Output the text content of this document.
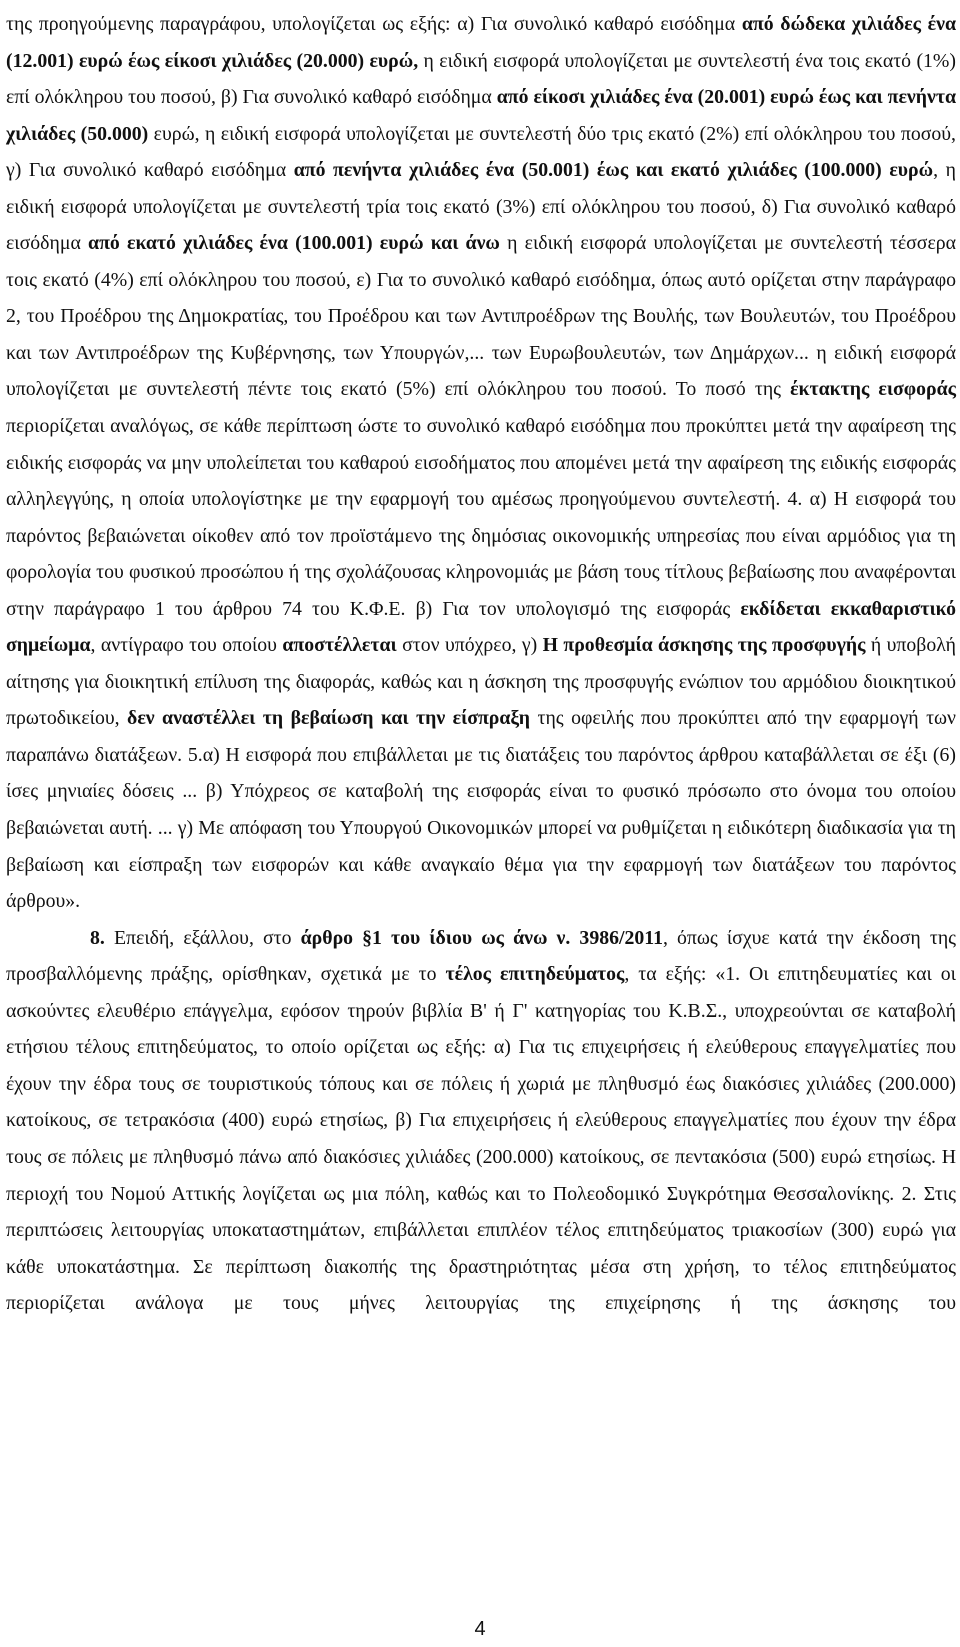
της προηγούμενης παραγράφου, υπολογίζεται ως εξής: α) Για συνολικό καθαρό εισόδημα από δώδεκα χιλιάδες ένα (12.001) ευρώ έως είκοσι χιλιάδες (20.000) ευρώ, η ειδική εισφορά υπολογίζεται με συντελεστή ένα τοις εκατό (1%) επί ολόκληρου του ποσού, β) Για συνολικό καθαρό εισόδημα από είκοσι χιλιάδες ένα (20.001) ευρώ έως και πενήντα χιλιάδες (50.000) ευρώ, η ειδική εισφορά υπολογίζεται με συντελεστή δύο τρις εκατό (2%) επί ολόκληρου του ποσού, γ) Για συνολικό καθαρό εισόδημα από πενήντα χιλιάδες ένα (50.001) έως και εκατό χιλιάδες (100.000) ευρώ, η ειδική εισφορά υπολογίζεται με συντελεστή τρία τοις εκατό (3%) επί ολόκληρου του ποσού, δ) Για συνολικό καθαρό εισόδημα από εκατό χιλιάδες ένα (100.001) ευρώ και άνω η ειδική εισφορά υπολογίζεται με συντελεστή τέσσερα τοις εκατό (4%) επί ολόκληρου του ποσού, ε) Για το συνολικό καθαρό εισόδημα, όπως αυτό ορίζεται στην παράγραφο 2, του Προέδρου της Δημοκρατίας, του Προέδρου και των Αντιπροέδρων της Βουλής, των Βουλευτών, του Προέδρου και των Αντιπροέδρων της Κυβέρνησης, των Υπουργών,... των Ευρωβουλευτών, των Δημάρχων... η ειδική εισφορά υπολογίζεται με συντελεστή πέντε τοις εκατό (5%) επί ολόκληρου του ποσού. Το ποσό της έκτακτης εισφοράς περιορίζεται αναλόγως, σε κάθε περίπτωση ώστε το συνολικό καθαρό εισόδημα που προκύπτει μετά την αφαίρεση της ειδικής εισφοράς να μην υπολείπεται του καθαρού εισοδήματος που απομένει μετά την αφαίρεση της ειδικής εισφοράς αλληλεγγύης, η οποία υπολογίστηκε με την εφαρμογή του αμέσως προηγούμενου συντελεστή. 4. α) Η εισφορά του παρόντος βεβαιώνεται οίκοθεν από τον προϊστάμενο της δημόσιας οικονομικής υπηρεσίας που είναι αρμόδιος για τη φορολογία του φυσικού προσώπου ή της σχολάζουσας κληρονομιάς με βάση τους τίτλους βεβαίωσης που αναφέρονται στην παράγραφο 1 του άρθρου 74 του Κ.Φ.Ε. β) Για τον υπολογισμό της εισφοράς εκδίδεται εκκαθαριστικό σημείωμα, αντίγραφο του οποίου αποστέλλεται στον υπόχρεο, γ) Η προθεσμία άσκησης της προσφυγής ή υποβολή αίτησης για διοικητική επίλυση της διαφοράς, καθώς και η άσκηση της προσφυγής ενώπιον του αρμόδιου διοικητικού πρωτοδικείου, δεν αναστέλλει τη βεβαίωση και την είσπραξη της οφειλής που προκύπτει από την εφαρμογή των παραπάνω διατάξεων. 5.α) Η εισφορά που επιβάλλεται με τις διατάξεις του παρόντος άρθρου καταβάλλεται σε έξι (6) ίσες μηνιαίες δόσεις ... β) Υπόχρεος σε καταβολή της εισφοράς είναι το φυσικό πρόσωπο στο όνομα του οποίου βεβαιώνεται αυτή. ... γ) Με απόφαση του Υπουργού Οικονομικών μπορεί να ρυθμίζεται η ειδικότερη διαδικασία για τη βεβαίωση και είσπραξη των εισφορών και κάθε αναγκαίο θέμα για την εφαρμογή των διατάξεων του παρόντος άρθρου».

8. Επειδή, εξάλλου, στο άρθρο §1 του ίδιου ως άνω ν. 3986/2011, όπως ίσχυε κατά την έκδοση της προσβαλλόμενης πράξης, ορίσθηκαν, σχετικά με το τέλος επιτηδεύματος, τα εξής: «1. Οι επιτηδευματίες και οι ασκούντες ελευθέριο επάγγελμα, εφόσον τηρούν βιβλία Β' ή Γ' κατηγορίας του Κ.Β.Σ., υποχρεούνται σε καταβολή ετήσιου τέλους επιτηδεύματος, το οποίο ορίζεται ως εξής: α) Για τις επιχειρήσεις ή ελεύθερους επαγγελματίες που έχουν την έδρα τους σε τουριστικούς τόπους και σε πόλεις ή χωριά με πληθυσμό έως διακόσιες χιλιάδες (200.000) κατοίκους, σε τετρακόσια (400) ευρώ ετησίως, β) Για επιχειρήσεις ή ελεύθερους επαγγελματίες που έχουν την έδρα τους σε πόλεις με πληθυσμό πάνω από διακόσιες χιλιάδες (200.000) κατοίκους, σε πεντακόσια (500) ευρώ ετησίως. Η περιοχή του Νομού Αττικής λογίζεται ως μια πόλη, καθώς και το Πολεοδομικό Συγκρότημα Θεσσαλονίκης. 2. Στις περιπτώσεις λειτουργίας υποκαταστημάτων, επιβάλλεται επιπλέον τέλος επιτηδεύματος τριακοσίων (300) ευρώ για κάθε υποκατάστημα. Σε περίπτωση διακοπής της δραστηριότητας μέσα στη χρήση, το τέλος επιτηδεύματος περιορίζεται ανάλογα με τους μήνες λειτουργίας της επιχείρησης ή της άσκησης του

4
